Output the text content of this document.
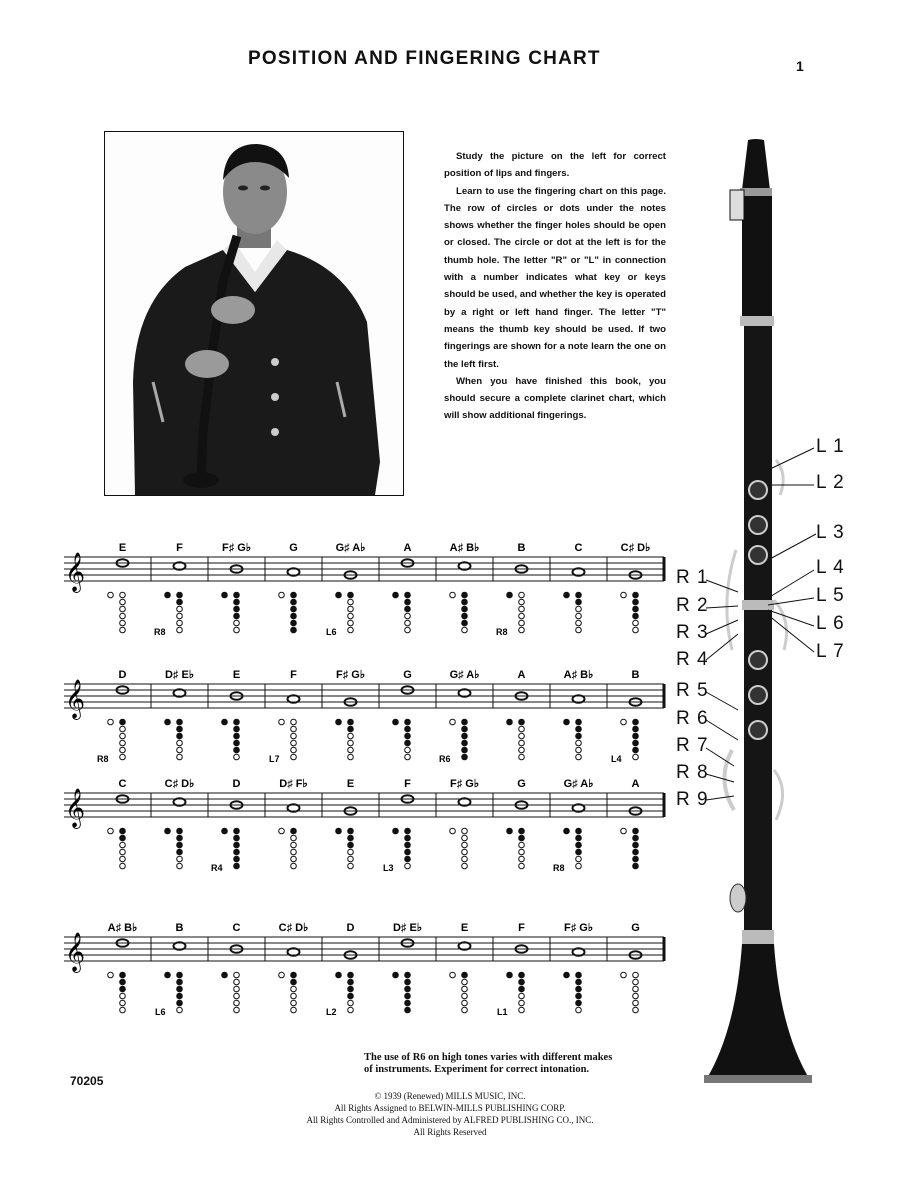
POSITION AND FINGERING CHART	1

Study the picture on the left for correct position of lips and fingers.

Learn to use the fingering chart on this page. The row of circles or dots under the notes shows whether the finger holes should be open or closed. The circle or dot at the left is for the thumb hole. The letter "R" or "L" in connection with a number indicates what key or keys should be used, and whether the key is operated by a right or left hand finger. The letter "T" means the thumb key should be used. If two fingerings are shown for a note learn the one on the left first.

When you have finished this book, you should secure a complete clarinet chart, which will show additional fingerings.

𝄞
E	F
R8
F♯ G♭	G	G♯ A♭
L6
A	A♯ B♭	B
R8
C	C♯ D♭
𝄞
D
R8
D♯ E♭	E	F
L7
F♯ G♭	G	G♯ A♭
R6
A	A♯ B♭	B
L4
𝄞
C	C♯ D♭	D
R4
D♯ F♭	E	F
L3
F♯ G♭	G	G♯ A♭
R8
A
𝄞
A♯ B♭	B
L6
C	C♯ D♭	D
L2
D♯ E♭	E	F
L1
F♯ G♭	G
L 1
L 2
L 3
L 4
L 5
L 6
L 7
R 1
R 2
R 3
R 4
R 5
R 6
R 7
R 8
R 9
The use of R6 on high tones varies with different makes
of instruments. Experiment for correct intonation.
70205
© 1939 (Renewed) MILLS MUSIC, INC.
All Rights Assigned to BELWIN-MILLS PUBLISHING CORP.
All Rights Controlled and Administered by ALFRED PUBLISHING CO., INC.
All Rights Reserved
